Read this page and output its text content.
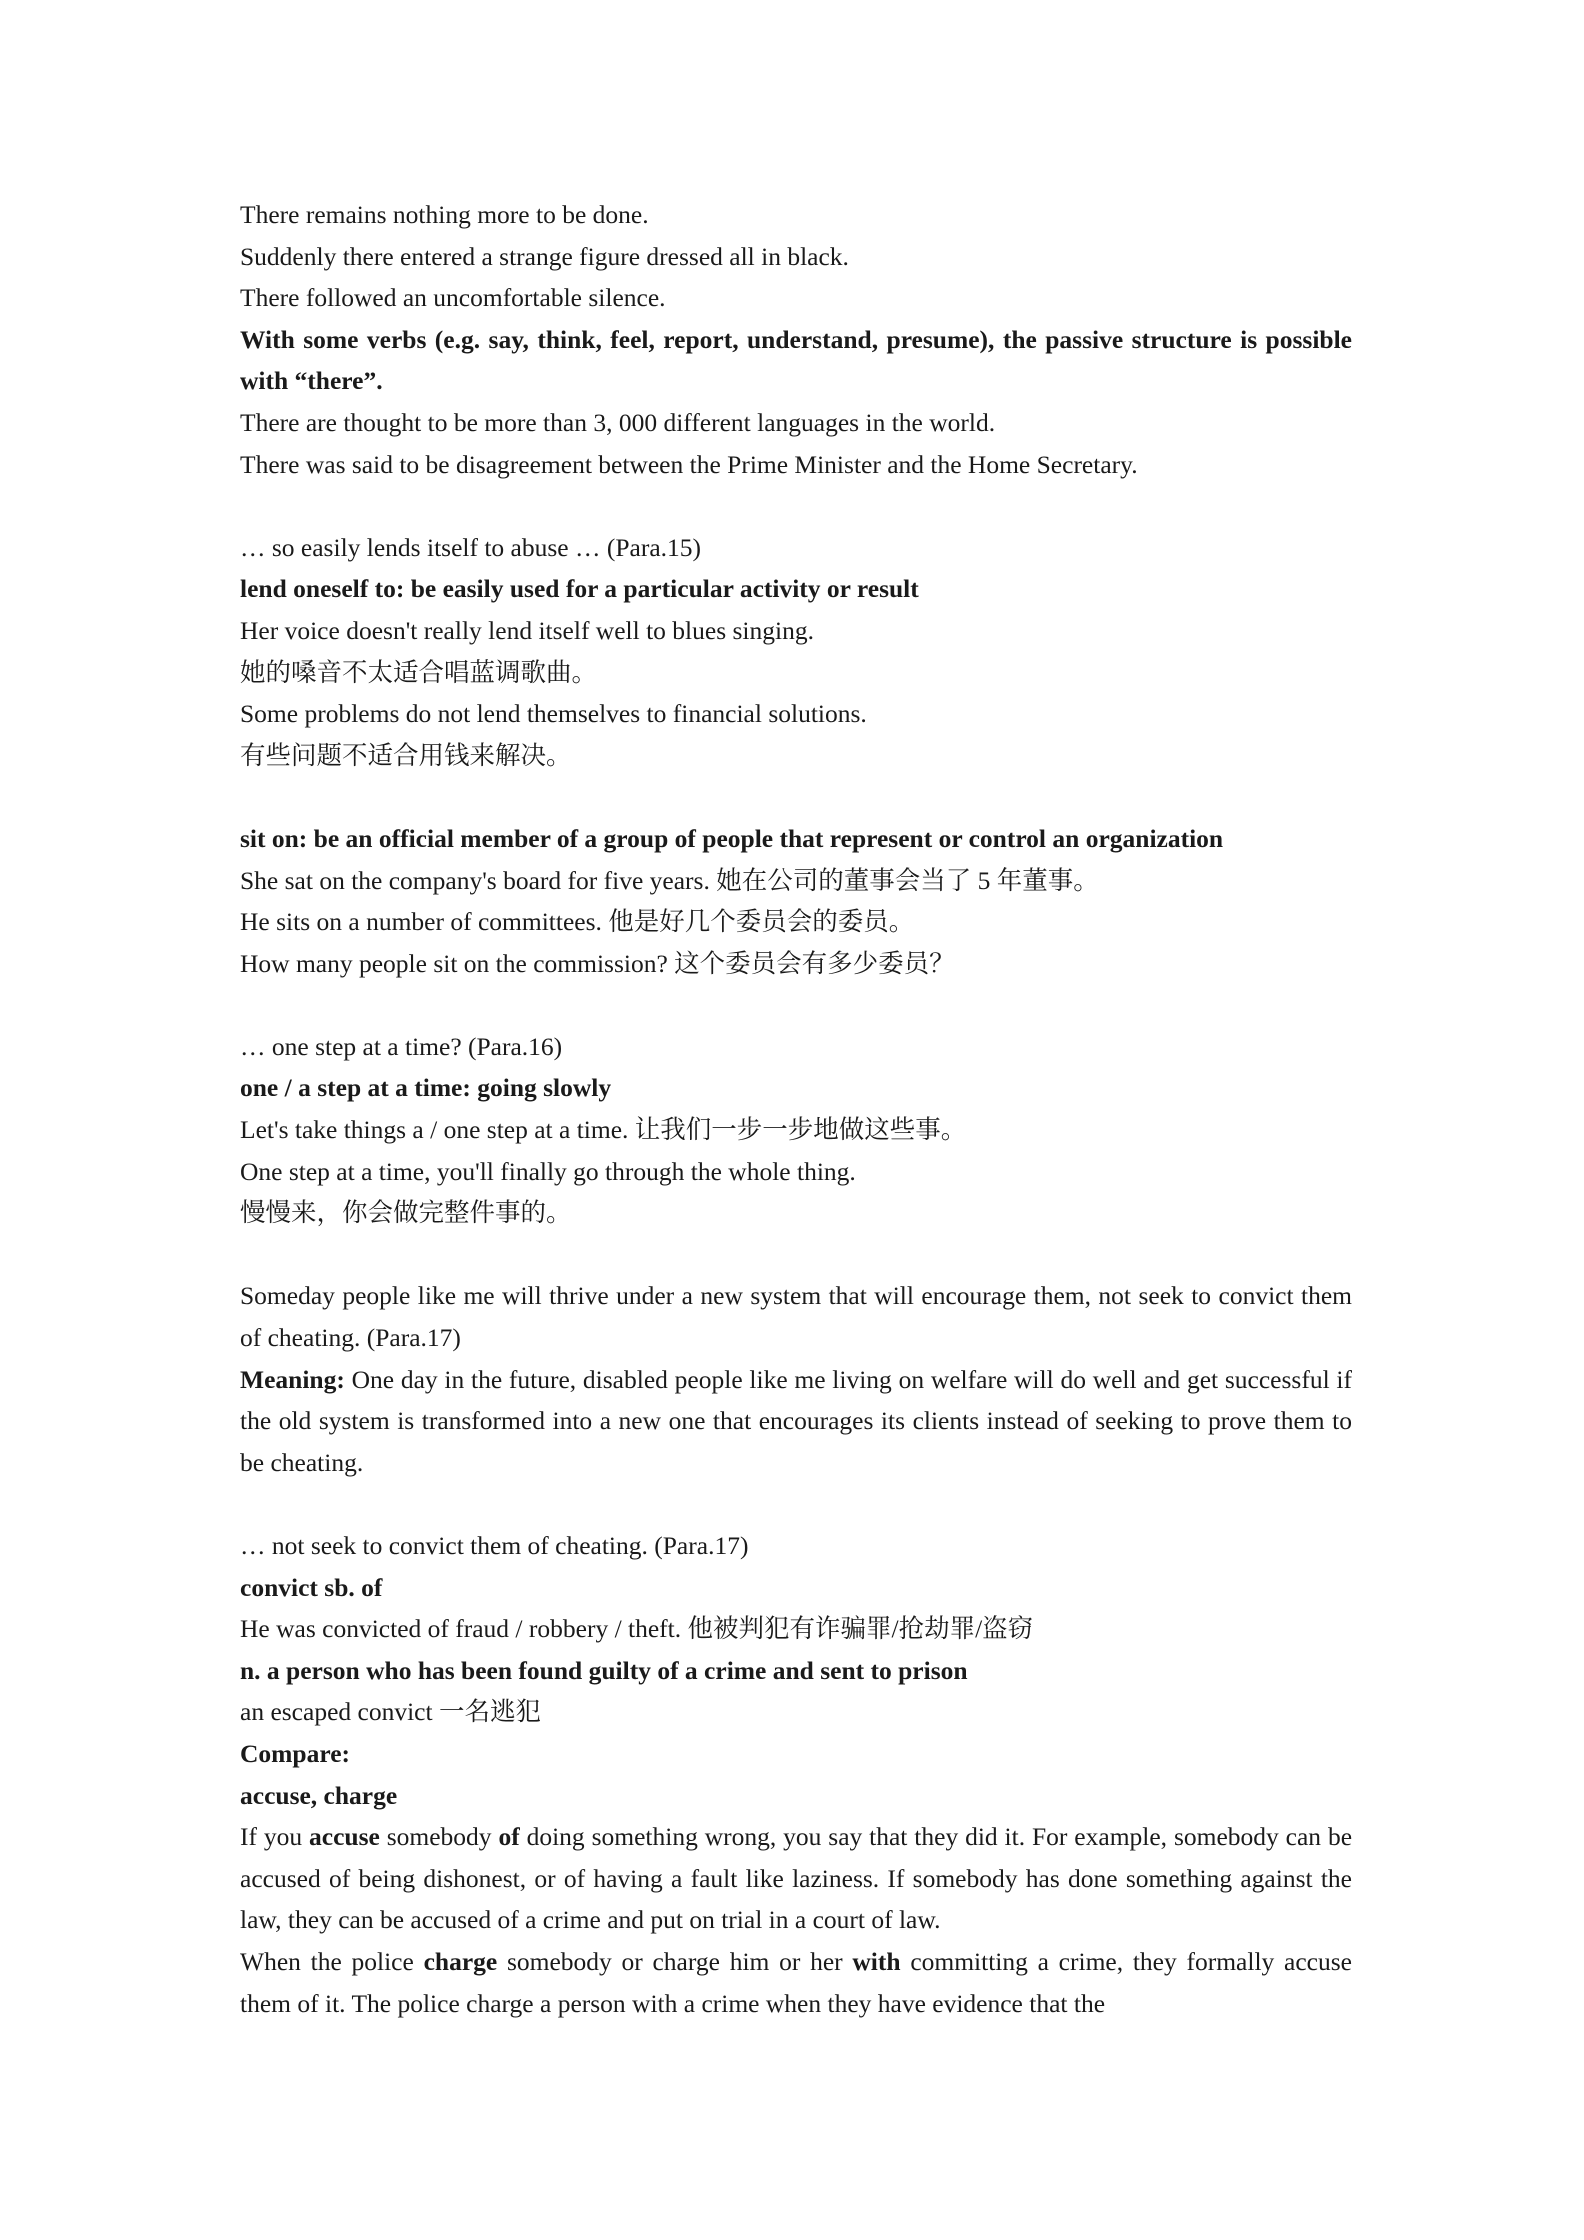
There remains nothing more to be done.
Suddenly there entered a strange figure dressed all in black.
There followed an uncomfortable silence.
With some verbs (e.g. say, think, feel, report, understand, presume), the passive structure is possible with “there”.
There are thought to be more than 3, 000 different languages in the world.
There was said to be disagreement between the Prime Minister and the Home Secretary.
… so easily lends itself to abuse … (Para.15)
lend oneself to: be easily used for a particular activity or result
Her voice doesn't really lend itself well to blues singing.
她的嗓音不太适合唱蓝调歌曲。
Some problems do not lend themselves to financial solutions.
有些问题不适合用钱来解决。
sit on: be an official member of a group of people that represent or control an organization
She sat on the company's board for five years. 她在公司的董事会当了 5 年董事。
He sits on a number of committees. 他是好几个委员会的委员。
How many people sit on the commission? 这个委员会有多少委员？
… one step at a time? (Para.16)
one / a step at a time: going slowly
Let's take things a / one step at a time. 让我们一步一步地做这些事。
One step at a time, you'll finally go through the whole thing.
慢慢来，你会做完整件事的。
Someday people like me will thrive under a new system that will encourage them, not seek to convict them of cheating. (Para.17)
Meaning: One day in the future, disabled people like me living on welfare will do well and get successful if the old system is transformed into a new one that encourages its clients instead of seeking to prove them to be cheating.
… not seek to convict them of cheating. (Para.17)
convict sb. of
He was convicted of fraud / robbery / theft. 他被判犯有诈骗罪/抢劫罪/盗窃
n. a person who has been found guilty of a crime and sent to prison
an escaped convict 一名逃犯
Compare:
accuse, charge
If you accuse somebody of doing something wrong, you say that they did it. For example, somebody can be accused of being dishonest, or of having a fault like laziness. If somebody has done something against the law, they can be accused of a crime and put on trial in a court of law.
When the police charge somebody or charge him or her with committing a crime, they formally accuse them of it. The police charge a person with a crime when they have evidence that the
